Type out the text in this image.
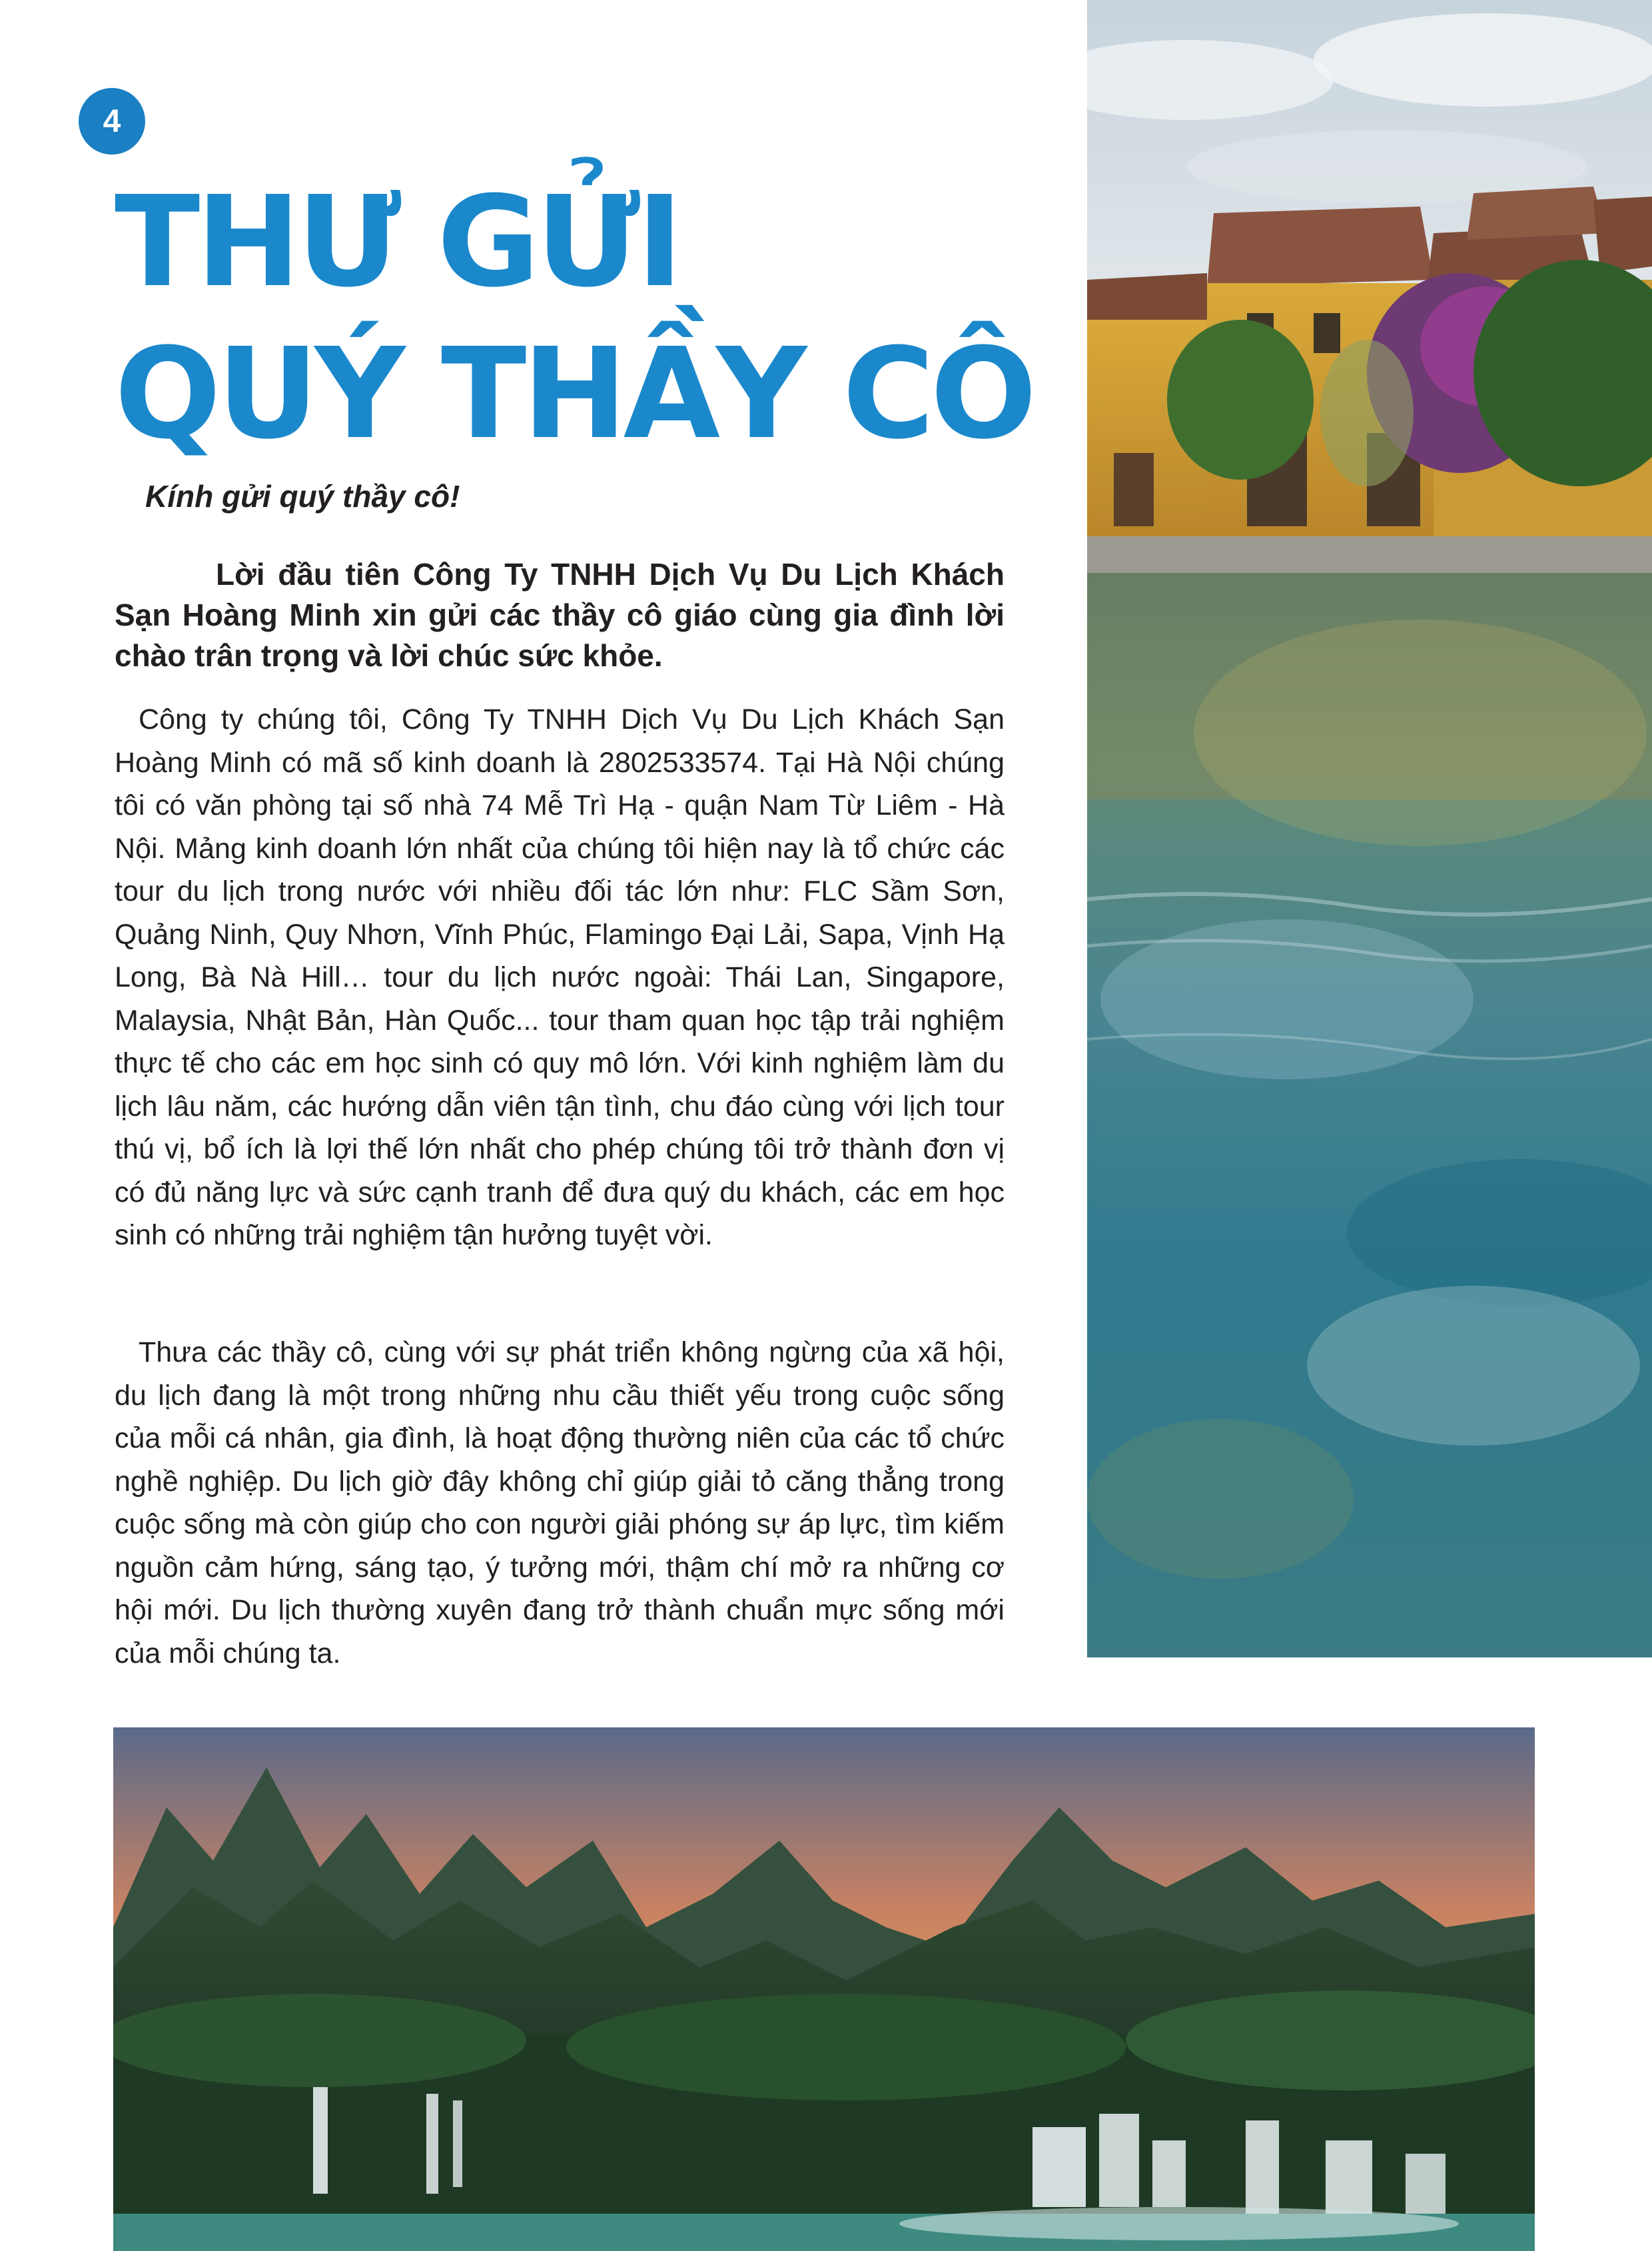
4
THƯ GỬI
QUÝ THẦY CÔ

Kính gửi quý thầy cô!

Lời đầu tiên Công Ty TNHH Dịch Vụ Du Lịch Khách Sạn Hoàng Minh xin gửi các thầy cô giáo cùng gia đình lời chào trân trọng và lời chúc sức khỏe.

Công ty chúng tôi, Công Ty TNHH Dịch Vụ Du Lịch Khách Sạn Hoàng Minh có mã số kinh doanh là 2802533574. Tại Hà Nội chúng tôi có văn phòng tại số nhà 74 Mễ Trì Hạ - quận Nam Từ Liêm - Hà Nội. Mảng kinh doanh lớn nhất của chúng tôi hiện nay là tổ chức các tour du lịch trong nước với nhiều đối tác lớn như: FLC Sầm Sơn, Quảng Ninh, Quy Nhơn, Vĩnh Phúc, Flamingo Đại Lải, Sapa, Vịnh Hạ Long, Bà Nà Hill… tour du lịch nước ngoài: Thái Lan, Singapore, Malaysia, Nhật Bản, Hàn Quốc... tour tham quan học tập trải nghiệm thực tế cho các em học sinh có quy mô lớn. Với kinh nghiệm làm du lịch lâu năm, các hướng dẫn viên tận tình, chu đáo cùng với lịch tour thú vị, bổ ích là lợi thế lớn nhất cho phép chúng tôi trở thành đơn vị có đủ năng lực và sức cạnh tranh để đưa quý du khách, các em học sinh có những trải nghiệm tận hưởng tuyệt vời.

Thưa các thầy cô, cùng với sự phát triển không ngừng của xã hội, du lịch đang là một trong những nhu cầu thiết yếu trong cuộc sống của mỗi cá nhân, gia đình, là hoạt động thường niên của các tổ chức nghề nghiệp. Du lịch giờ đây không chỉ giúp giải tỏ căng thẳng trong cuộc sống mà còn giúp cho con người giải phóng sự áp lực, tìm kiếm nguồn cảm hứng, sáng tạo, ý tưởng mới, thậm chí mở ra những cơ hội mới. Du lịch thường xuyên đang trở thành chuẩn mực sống mới của mỗi chúng ta.
